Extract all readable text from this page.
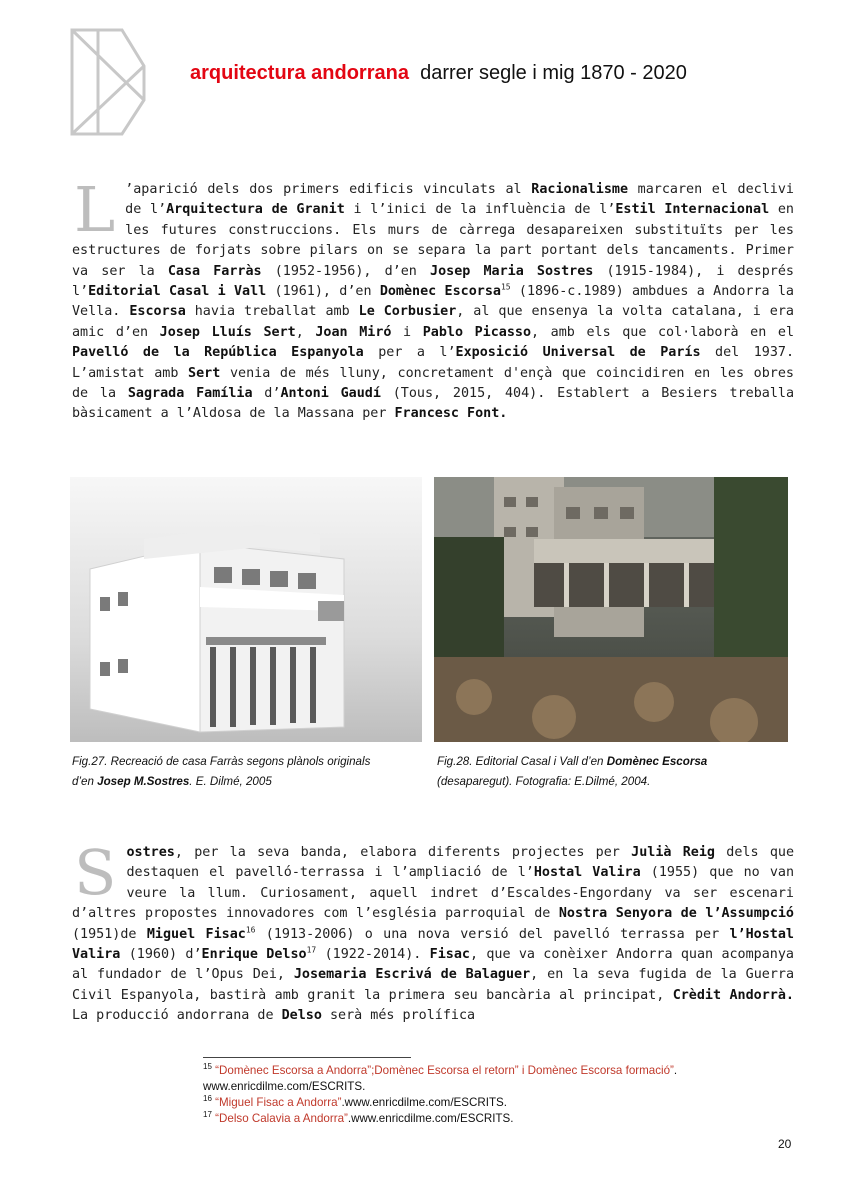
arquitectura andorrana darrer segle i mig 1870 - 2020

L ’aparició dels dos primers edificis vinculats al Racionalisme marcaren el declivi de l’Arquitectura de Granit i l’inici de la influència de l’Estil Internacional en les futures construccions. Els murs de càrrega desapareixen substituïts per les estructures de forjats sobre pilars on se separa la part portant dels tancaments. Primer va ser la Casa Farràs (1952-1956), d’en Josep Maria Sostres (1915-1984), i després l’Editorial Casal i Vall (1961), d’en Domènec Escorsa$^{15}$ (1896-c.1989) ambdues a Andorra la Vella. Escorsa havia treballat amb Le Corbusier, al que ensenya la volta catalana, i era amic d’en Josep Lluís Sert, Joan Miró i Pablo Picasso, amb els que col·laborà en el Pavelló de la República Espanyola per a l’Exposició Universal de París del 1937. L’amistat amb Sert venia de més lluny, concretament d'ençà que coincidiren en les obres de la Sagrada Família d’Antoni Gaudí (Tous, 2015, 404). Establert a Besiers treballa bàsicament a l’Aldosa de la Massana per Francesc Font.

Fig.27. Recreació de casa Farràs segons plànols originals
d’en Josep M.Sostres. E. Dilmé, 2005
Fig.28. Editorial Casal i Vall d’en Domènec Escorsa
(desaparegut). Fotografia: E.Dilmé, 2004.

S ostres, per la seva banda, elabora diferents projectes per Julià Reig dels que destaquen el pavelló-terrassa i l’ampliació de l’Hostal Valira (1955) que no van veure la llum. Curiosament, aquell indret d’Escaldes-Engordany va ser escenari d’altres propostes innovadores com l’església parroquial de Nostra Senyora de l’Assumpció (1951)de Miguel Fisac$^{16}$ (1913-2006) o una nova versió del pavelló terrassa per l’Hostal Valira (1960) d’Enrique Delso$^{17}$ (1922-2014). Fisac, que va conèixer Andorra quan acompanya al fundador de l’Opus Dei, Josemaria Escrivá de Balaguer, en la seva fugida de la Guerra Civil Espanyola, bastirà amb granit la primera seu bancària al principat, Crèdit Andorrà. La producció andorrana de Delso serà més prolífica

$^{15}$ “Domènec Escorsa a Andorra”;Domènec Escorsa el retorn” i Domènec Escorsa formació”.
www.enricdilme.com/ESCRITS.
$^{16}$ “Miguel Fisac a Andorra”.www.enricdilme.com/ESCRITS.
$^{17}$ “Delso Calavia a Andorra”.www.enricdilme.com/ESCRITS.
20
